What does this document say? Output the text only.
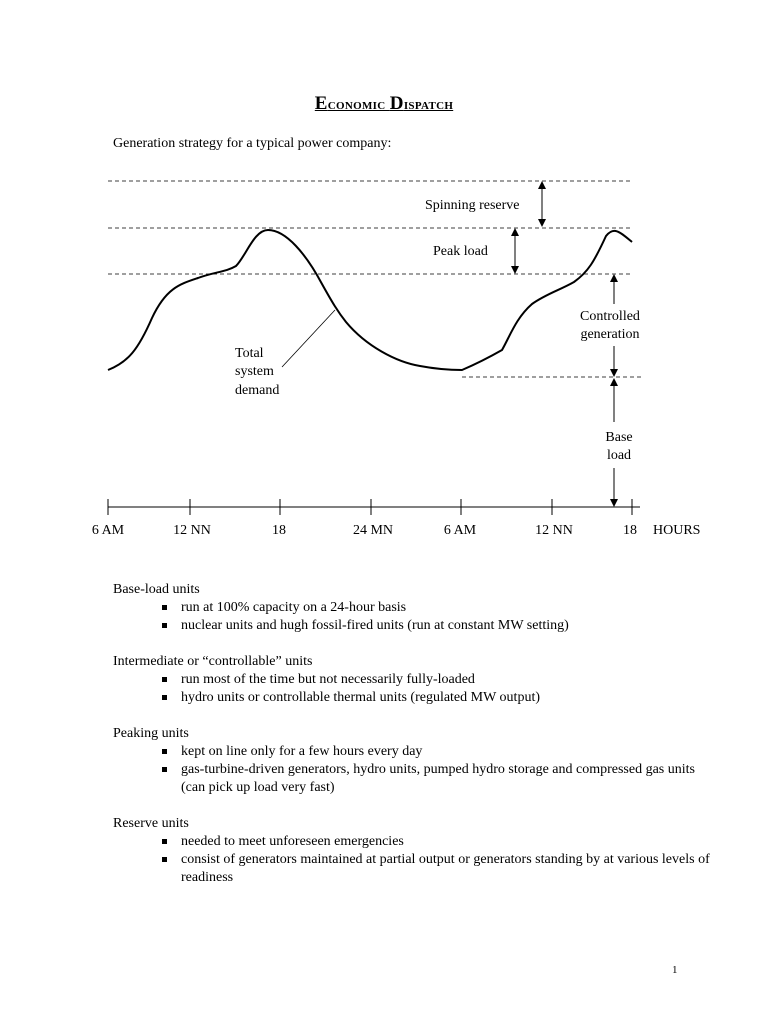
Economic Dispatch
Generation strategy for a typical power company:
Spinning reserve
Peak load
Controlled
generation
Base
load
Total
system
demand
6 AM	12 NN	18	24 MN	6 AM	12 NN	18 HOURS
Base-load units
run at 100% capacity on a 24-hour basis
nuclear units and hugh fossil-fired units (run at constant MW setting)
Intermediate or “controllable” units
run most of the time but not necessarily fully-loaded
hydro units or controllable thermal units (regulated MW output)
Peaking units
kept on line only for a few hours every day
gas-turbine-driven generators, hydro units, pumped hydro storage and compressed gas units (can pick up load very fast)
Reserve units
needed to meet unforeseen emergencies
consist of generators maintained at partial output or generators standing by at various levels of readiness
1
